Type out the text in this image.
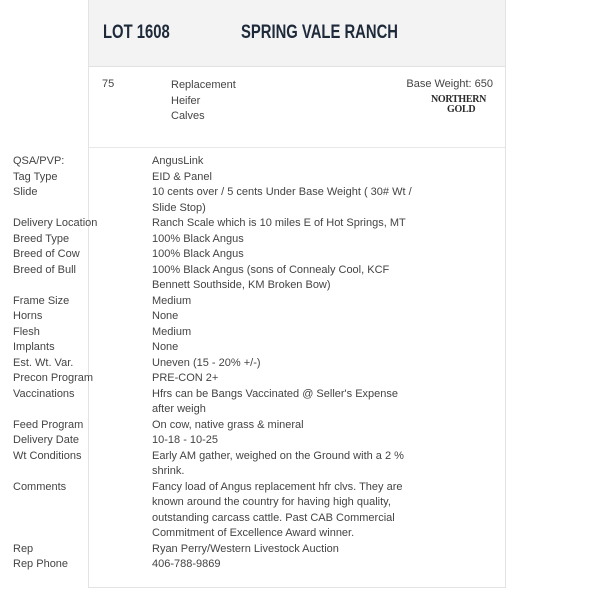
LOT 1608	SPRING VALE RANCH
75	Replacement
Heifer
Calves
Base Weight: 650
NORTHERN
GOLD
QSA/PVP:	AngusLink
Tag Type	EID & Panel
Slide	10 cents over / 5 cents Under Base Weight ( 30# Wt / Slide Stop)
Delivery Location	Ranch Scale which is 10 miles E of Hot Springs, MT
Breed Type	100% Black Angus
Breed of Cow	100% Black Angus
Breed of Bull	100% Black Angus (sons of Connealy Cool, KCF Bennett Southside, KM Broken Bow)
Frame Size	Medium
Horns	None
Flesh	Medium
Implants	None
Est. Wt. Var.	Uneven (15 - 20% +/-)
Precon Program	PRE-CON 2+
Vaccinations	Hfrs can be Bangs Vaccinated @ Seller's Expense after weigh
Feed Program	On cow, native grass & mineral
Delivery Date	10-18 - 10-25
Wt Conditions	Early AM gather, weighed on the Ground with a 2 % shrink.
Comments	Fancy load of Angus replacement hfr clvs. They are known around the country for having high quality, outstanding carcass cattle. Past CAB Commercial Commitment of Excellence Award winner.
Rep	Ryan Perry/Western Livestock Auction
Rep Phone	406-788-9869
